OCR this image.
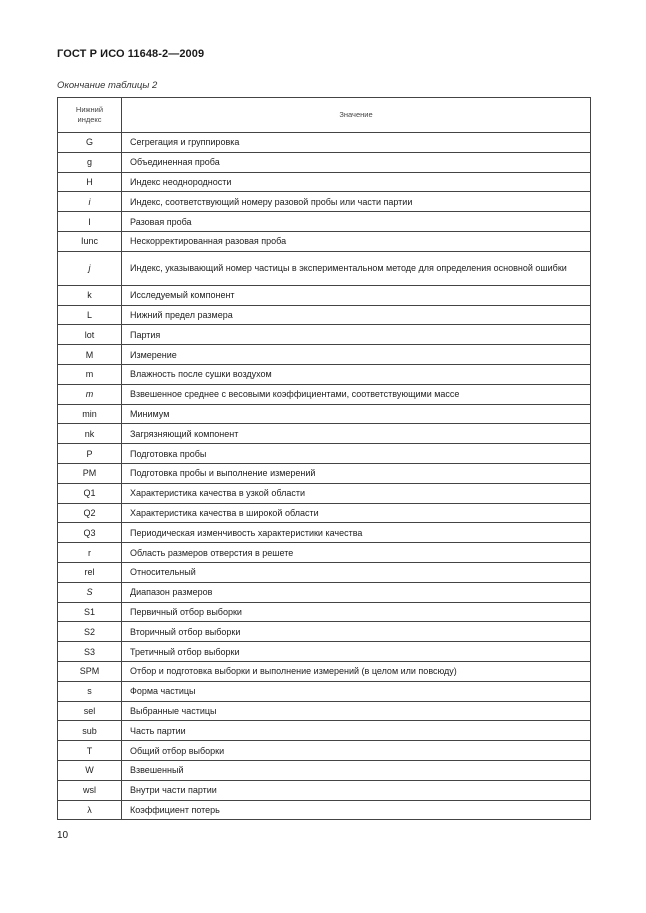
ГОСТ Р ИСО 11648-2—2009
Окончание таблицы 2
Нижний
индекс	Значение
G	Сегрегация и группировка
g	Объединенная проба
H	Индекс неоднородности
i	Индекс, соответствующий номеру разовой пробы или части партии
I	Разовая проба
Iunc	Нескорректированная разовая проба
j	Индекс, указывающий номер частицы в экспериментальном методе для определения основной ошибки
k	Исследуемый компонент
L	Нижний предел размера
lot	Партия
M	Измерение
m	Влажность после сушки воздухом
m	Взвешенное среднее с весовыми коэффициентами, соответствующими массе
min	Минимум
nk	Загрязняющий компонент
P	Подготовка пробы
PM	Подготовка пробы и выполнение измерений
Q1	Характеристика качества в узкой области
Q2	Характеристика качества в широкой области
Q3	Периодическая изменчивость характеристики качества
r	Область размеров отверстия в решете
rel	Относительный
S	Диапазон размеров
S1	Первичный отбор выборки
S2	Вторичный отбор выборки
S3	Третичный отбор выборки
SPM	Отбор и подготовка выборки и выполнение измерений (в целом или повсюду)
s	Форма частицы
sel	Выбранные частицы
sub	Часть партии
T	Общий отбор выборки
W	Взвешенный
wsl	Внутри части партии
λ	Коэффициент потерь
10
